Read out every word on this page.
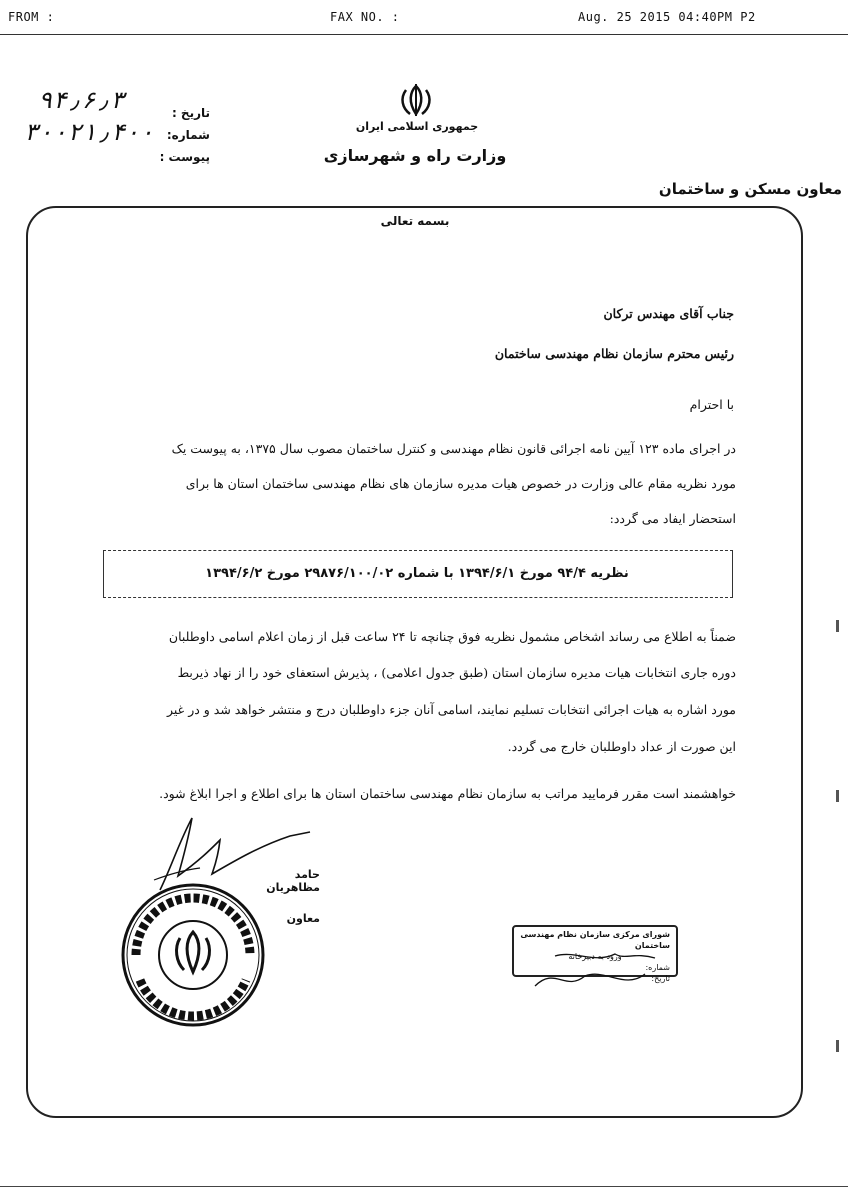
FROM :	FAX NO. :	Aug. 25 2015 04:40PM P2
۹۴٫۶٫۳
۳۰۰۲۱٫۴۰۰
تاریخ :
شماره:
پیوست :
جمهوری اسلامی ایران
وزارت راه و شهرسازی
معاون مسکن و ساختمان
بسمه تعالی
جناب آقای مهندس ترکان
رئیس محترم سازمان نظام مهندسی ساختمان
با احترام
در اجرای ماده ۱۲۳ آیین نامه اجرائی قانون نظام مهندسی و کنترل ساختمان مصوب سال ۱۳۷۵، به پیوست یک
مورد نظریه مقام عالی وزارت در خصوص هیات مدیره سازمان های نظام مهندسی ساختمان استان ها برای
استحضار ایفاد می گردد:
نظریه ۹۴/۴ مورخ ۱۳۹۴/۶/۱ با شماره ۲۹۸۷۶/۱۰۰/۰۲ مورخ ۱۳۹۴/۶/۲
ضمناً به اطلاع می رساند اشخاص مشمول نظریه فوق چنانچه تا ۲۴ ساعت قبل از زمان اعلام اسامی داوطلبان
دوره جاری انتخابات هیات مدیره سازمان استان (طبق جدول اعلامی) ، پذیرش استعفای خود را از نهاد ذیربط
مورد اشاره به هیات اجرائی انتخابات تسلیم نمایند، اسامی آنان جزء داوطلبان درج و منتشر خواهد شد و در غیر
این صورت از عداد داوطلبان خارج می گردد.
خواهشمند است مقرر فرمایید مراتب به سازمان نظام مهندسی ساختمان استان ها برای اطلاع و اجرا ابلاغ شود.
حامد مظاهریان
معاون
شورای مرکزی سازمان نظام مهندسی ساختمان
ورود به دبیرخانه
شماره:
تاریخ:
